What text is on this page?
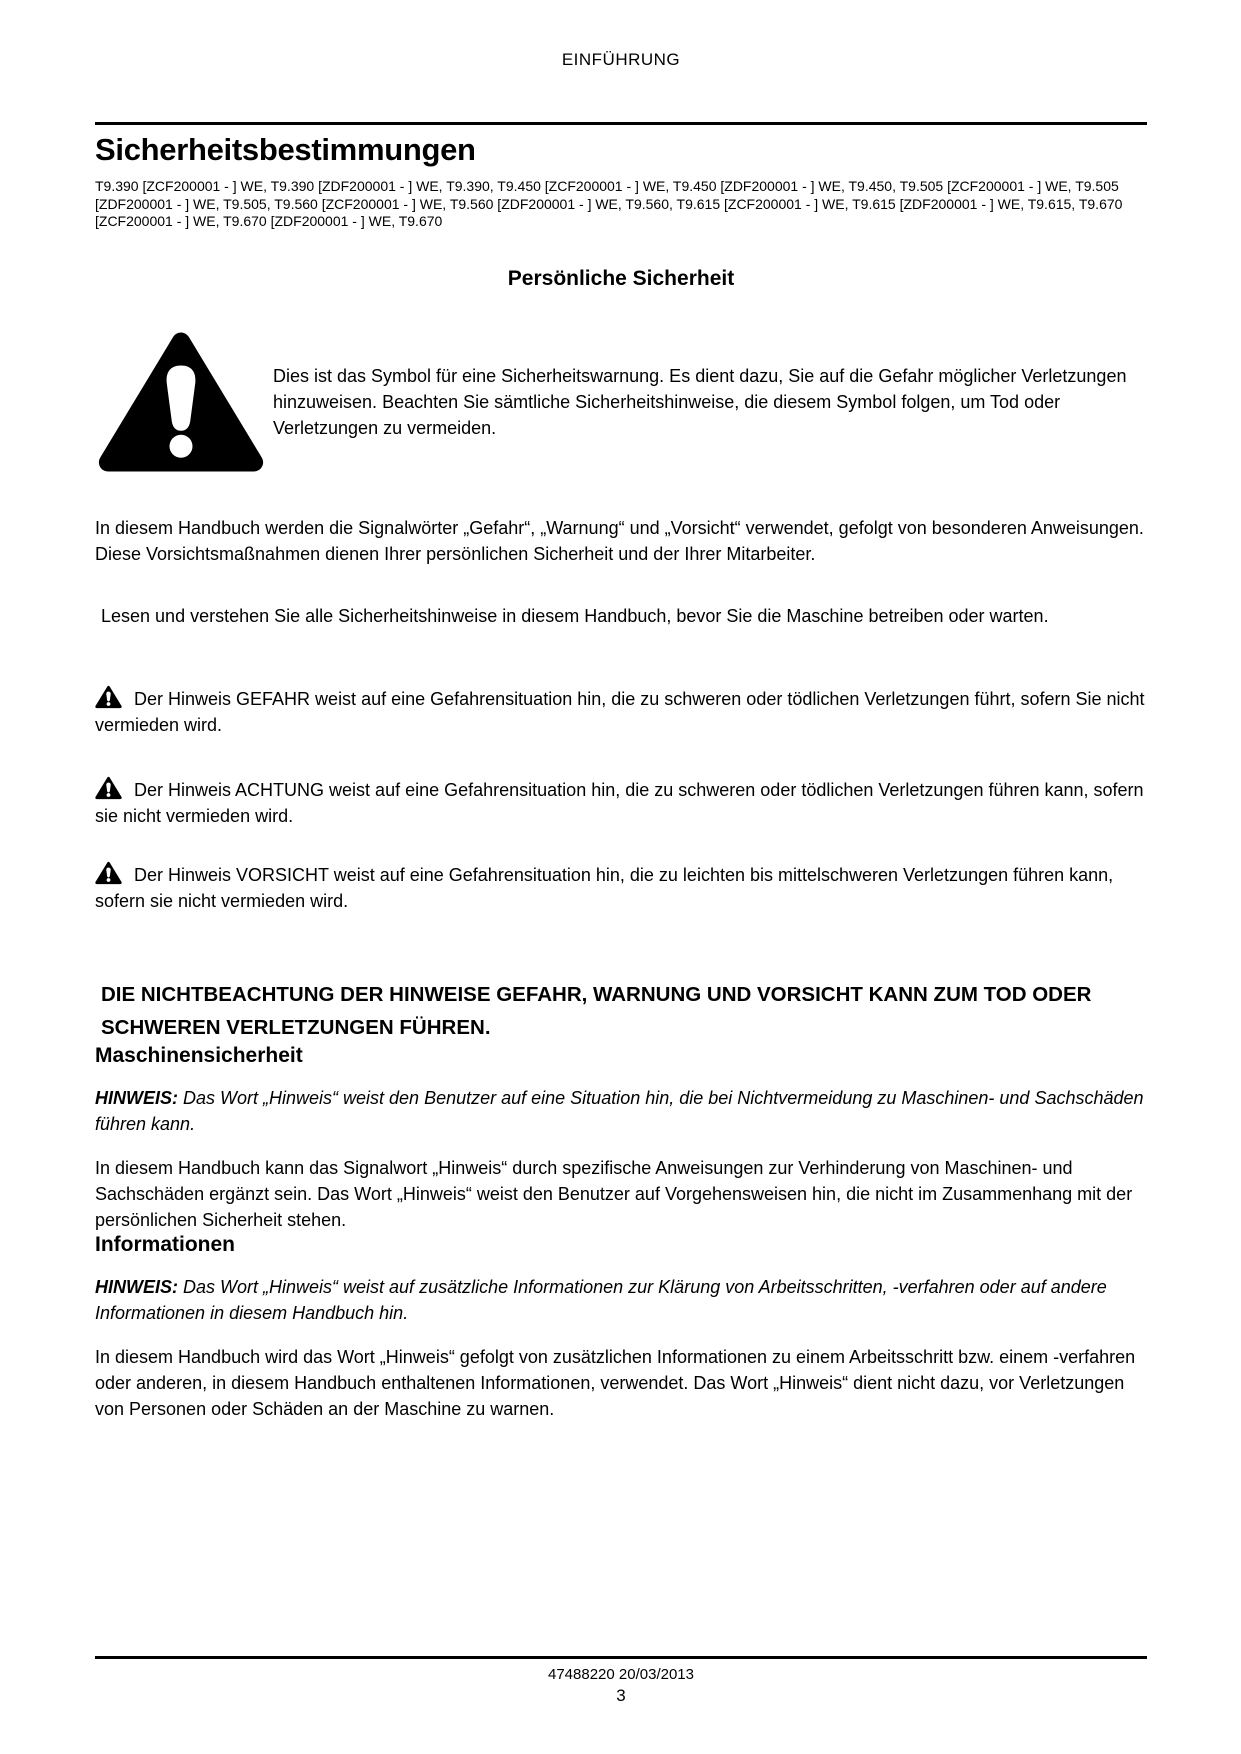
EINFÜHRUNG
Sicherheitsbestimmungen

T9.390 [ZCF200001 - ] WE, T9.390 [ZDF200001 - ] WE, T9.390, T9.450 [ZCF200001 - ] WE, T9.450 [ZDF200001 - ] WE, T9.450, T9.505 [ZCF200001 - ] WE, T9.505 [ZDF200001 - ] WE, T9.505, T9.560 [ZCF200001 - ] WE, T9.560 [ZDF200001 - ] WE, T9.560, T9.615 [ZCF200001 - ] WE, T9.615 [ZDF200001 - ] WE, T9.615, T9.670 [ZCF200001 - ] WE, T9.670 [ZDF200001 - ] WE, T9.670

Persönliche Sicherheit

Dies ist das Symbol für eine Sicherheitswarnung. Es dient dazu, Sie auf die Gefahr möglicher Verletzungen hinzuweisen. Beachten Sie sämtliche Sicherheitshinweise, die diesem Symbol folgen, um Tod oder Verletzungen zu vermeiden.

In diesem Handbuch werden die Signalwörter „Gefahr“, „Warnung“ und „Vorsicht“ verwendet, gefolgt von besonderen Anweisungen. Diese Vorsichtsmaßnahmen dienen Ihrer persönlichen Sicherheit und der Ihrer Mitarbeiter.

Lesen und verstehen Sie alle Sicherheitshinweise in diesem Handbuch, bevor Sie die Maschine betreiben oder warten.

Der Hinweis GEFAHR weist auf eine Gefahrensituation hin, die zu schweren oder tödlichen Verletzungen führt, sofern Sie nicht vermieden wird.

Der Hinweis ACHTUNG weist auf eine Gefahrensituation hin, die zu schweren oder tödlichen Verletzungen führen kann, sofern sie nicht vermieden wird.

Der Hinweis VORSICHT weist auf eine Gefahrensituation hin, die zu leichten bis mittelschweren Verletzungen führen kann, sofern sie nicht vermieden wird.

DIE NICHTBEACHTUNG DER HINWEISE GEFAHR, WARNUNG UND VORSICHT KANN ZUM TOD ODER SCHWEREN VERLETZUNGEN FÜHREN.

Maschinensicherheit

HINWEIS: Das Wort „Hinweis“ weist den Benutzer auf eine Situation hin, die bei Nichtvermeidung zu Maschinen- und Sachschäden führen kann.

In diesem Handbuch kann das Signalwort „Hinweis“ durch spezifische Anweisungen zur Verhinderung von Maschinen- und Sachschäden ergänzt sein. Das Wort „Hinweis“ weist den Benutzer auf Vorgehensweisen hin, die nicht im Zusammenhang mit der persönlichen Sicherheit stehen.

Informationen

HINWEIS: Das Wort „Hinweis“ weist auf zusätzliche Informationen zur Klärung von Arbeitsschritten, -verfahren oder auf andere Informationen in diesem Handbuch hin.

In diesem Handbuch wird das Wort „Hinweis“ gefolgt von zusätzlichen Informationen zu einem Arbeitsschritt bzw. einem -verfahren oder anderen, in diesem Handbuch enthaltenen Informationen, verwendet. Das Wort „Hinweis“ dient nicht dazu, vor Verletzungen von Personen oder Schäden an der Maschine zu warnen.

47488220 20/03/2013
3
